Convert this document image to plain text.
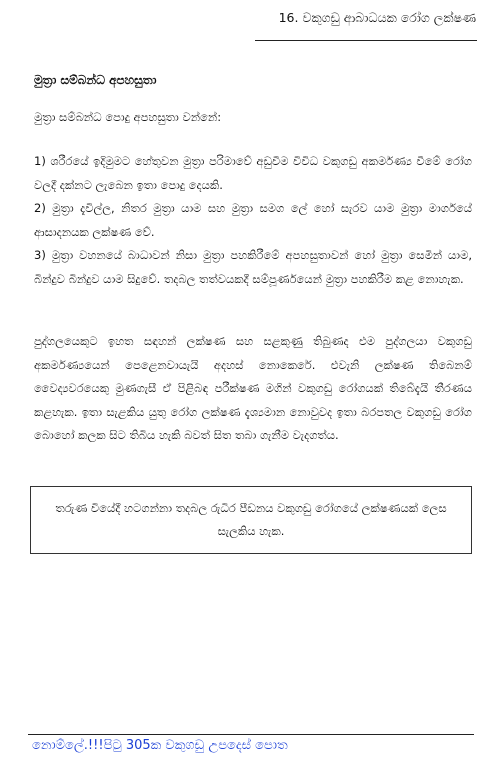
16. වකුගඩු ආබාධයක රෝග ලක්ෂණ
මුත්‍රා සම්බන්ධ අපහසුතා
මුත්‍රා සම්බන්ධ පොදු අපහසුතා වන්නේ:

1) ශරීරයේ ඉදිමුමට හේතුවන මුත්‍රා පරිමාවේ අඩුවීම විවිධ වකුගඩු අකර්මණ්‍ය වීමේ රෝග වලදී දක්නට ලැබෙන ඉතා පොදු දෙයකි.

2) මුත්‍රා දැවිල්ල, නිතර මුත්‍රා යාම සහ මුත්‍රා සමග ලේ හෝ සැරව යාම මුත්‍රා මාර්ගයේ ආසාදනයක ලක්ෂණ වේ.

3) මුත්‍රා වහනයේ බාධාවන් නිසා මුත්‍රා පහකිරීමේ අපහසුතාවන් හෝ මුත්‍රා සෙමින් යාම, බින්දුව බින්දුව යාම සිදුවේ. තදබල තත්වයකදී සම්පූර්ණයෙන් මුත්‍රා පහකිරීම කළ නොහැක.

පුද්ගලයෙකුට ඉහත සඳහන් ලක්ෂණ සහ සළකුණු තිබුණද එම පුද්ගලයා වකුගඩු අකර්මණ්‍යයෙන් පෙළෙනවායැයි අදහස් නොකෙරේ. එවැනි ලක්ෂණ තිබෙනම් වෛද්‍යවරයෙකු මුණගැසී ඒ පිළිබඳ පරීක්ෂණ මගින් වකුගඩු රෝගයක් තිබේදැයි තීරණය කළහැක. ඉතා සැළකිය යුතු රෝග ලක්ෂණ දැශ්‍යමාන නොවුවද ඉතා බරපතල වකුගඩු රෝග බොහෝ කලක සිට තිබිය හැකි බවත් සිත තබා ගැනීම වැදගත්ය.

තරුණ වියේදී හටගන්නා තදබල රුධිර පීඩනය වකුගඩු රෝගයේ ලක්ෂණයක් ලෙස සැලකිය හැක.
නොම්ලේ.!!!පිටු 305ක වකුගඩු උපදෙස් පොත
